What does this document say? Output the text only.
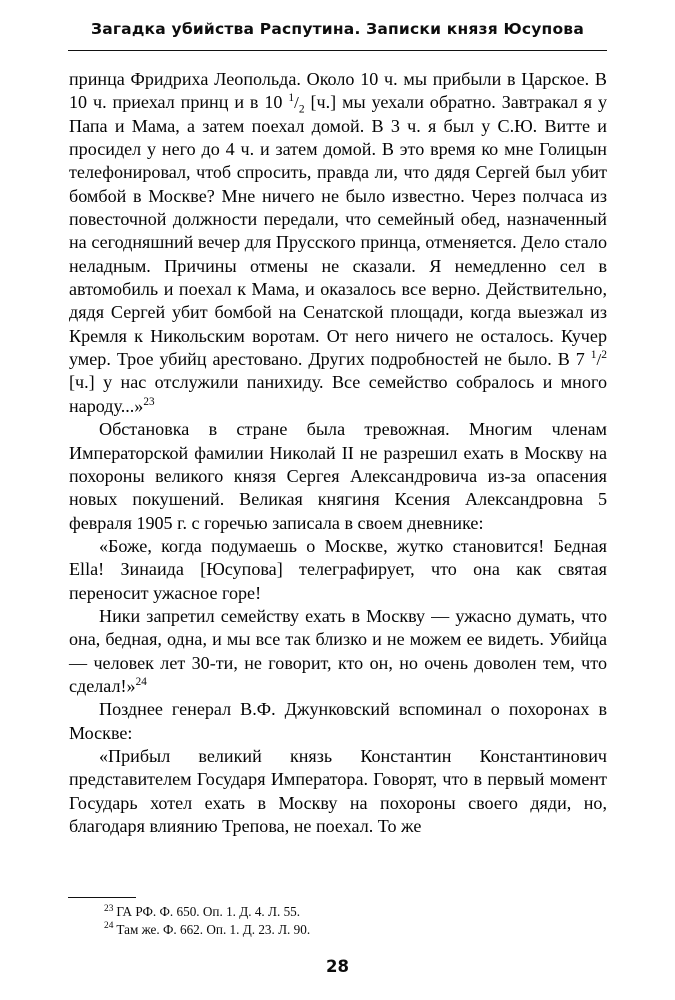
Загадка убийства Распутина. Записки князя Юсупова

принца Фридриха Леопольда. Около 10 ч. мы прибыли в Царское. В 10 ч. приехал принц и в 10 $^1/_2$ [ч.] мы уехали обратно. Завтракал я у Папа и Мама, а затем поехал домой. В 3 ч. я был у С.Ю. Витте и просидел у него до 4 ч. и затем домой. В это время ко мне Голицын телефонировал, чтоб спросить, правда ли, что дядя Сергей был убит бомбой в Москве? Мне ничего не было известно. Через полчаса из повесточной должности передали, что семейный обед, назначенный на сегодняшний вечер для Прусского принца, отменяется. Дело стало неладным. Причины отмены не сказали. Я немедленно сел в автомобиль и поехал к Мама, и оказалось все верно. Действительно, дядя Сергей убит бомбой на Сенатской площади, когда выезжал из Кремля к Никольским воротам. От него ничего не осталось. Кучер умер. Трое убийц арестовано. Других подробностей не было. В 7 $^1$/$^2$ [ч.] у нас отслужили панихиду. Все семейство собралось и много народу...»$^{23}$

Обстановка в стране была тревожная. Многим членам Императорской фамилии Николай II не разрешил ехать в Москву на похороны великого князя Сергея Александровича из-за опасения новых покушений. Великая княгиня Ксения Александровна 5 февраля 1905 г. с горечью записала в своем дневнике:

«Боже, когда подумаешь о Москве, жутко становится! Бедная Ella! Зинаида [Юсупова] телеграфирует, что она как святая переносит ужасное горе!

Ники запретил семейству ехать в Москву — ужасно думать, что она, бедная, одна, и мы все так близко и не можем ее видеть. Убийца — человек лет 30-ти, не говорит, кто он, но очень доволен тем, что сделал!»$^{24}$

Позднее генерал В.Ф. Джунковский вспоминал о похоронах в Москве:

«Прибыл великий князь Константин Константинович представителем Государя Императора. Говорят, что в первый момент Государь хотел ехать в Москву на похороны своего дяди, но, благодаря влиянию Трепова, не поехал. То же

$^{23}$ ГА РФ. Ф. 650. Оп. 1. Д. 4. Л. 55.

$^{24}$ Там же. Ф. 662. Оп. 1. Д. 23. Л. 90.

28
